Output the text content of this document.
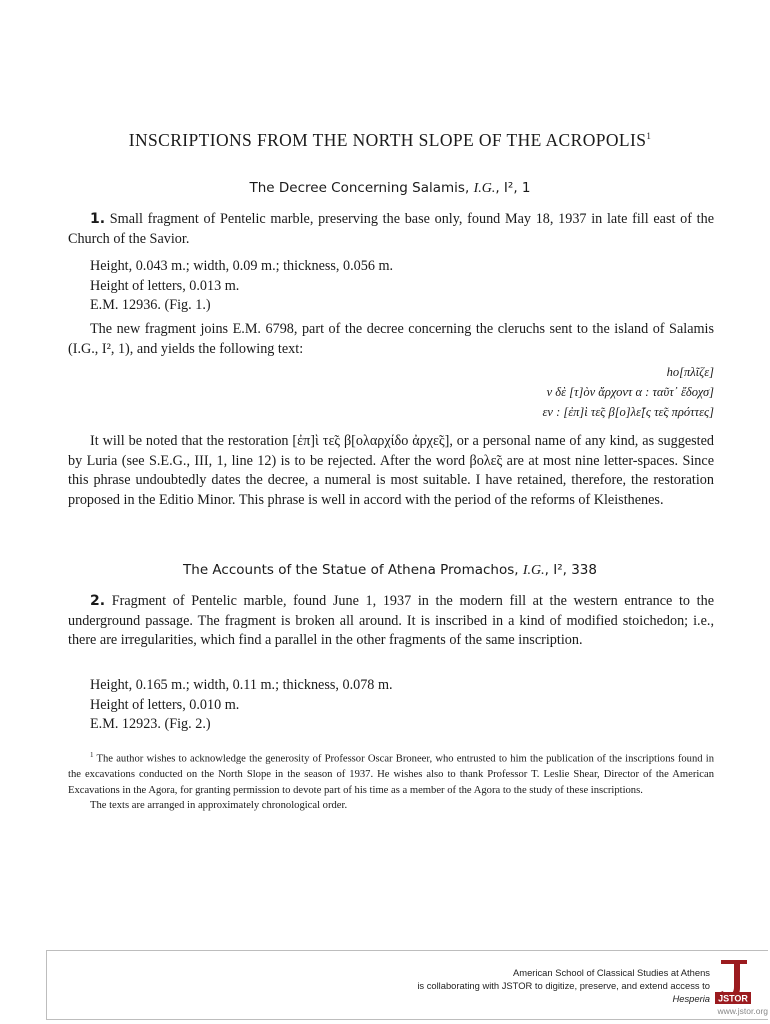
INSCRIPTIONS FROM THE NORTH SLOPE OF THE ACROPOLIS$^1$
The Decree Concerning Salamis, I.G., I², 1

1. Small fragment of Pentelic marble, preserving the base only, found May 18, 1937 in late fill east of the Church of the Savior.

Height, 0.043 m.; width, 0.09 m.; thickness, 0.056 m.
Height of letters, 0.013 m.
E.M. 12936. (Fig. 1.)

The new fragment joins E.M. 6798, part of the decree concerning the cleruchs sent to the island of Salamis (I.G., I², 1), and yields the following text:

ho[πλῖζε]
ν δὲ [τ]ὸν ἄρχοντ α : ταῦτ᾿ ἔδοχσ]
εν : [ἐπ]ὶ τε̃ς β[ο]λε̃[ς τε̃ς πρόττες]

It will be noted that the restoration [ἐπ]ὶ τε̃ς β[ολαρχίδο ἀρχε̃ς], or a personal name of any kind, as suggested by Luria (see S.E.G., III, 1, line 12) is to be rejected. After the word βολε̃ς are at most nine letter-spaces. Since this phrase undoubtedly dates the decree, a numeral is most suitable. I have retained, therefore, the restoration proposed in the Editio Minor. This phrase is well in accord with the period of the reforms of Kleisthenes.

The Accounts of the Statue of Athena Promachos, I.G., I², 338

2. Fragment of Pentelic marble, found June 1, 1937 in the modern fill at the western entrance to the underground passage. The fragment is broken all around. It is inscribed in a kind of modified stoichedon; i.e., there are irregularities, which find a parallel in the other fragments of the same inscription.

Height, 0.165 m.; width, 0.11 m.; thickness, 0.078 m.
Height of letters, 0.010 m.
E.M. 12923. (Fig. 2.)

$^1$ The author wishes to acknowledge the generosity of Professor Oscar Broneer, who entrusted to him the publication of the inscriptions found in the excavations conducted on the North Slope in the season of 1937. He wishes also to thank Professor T. Leslie Shear, Director of the American Excavations in the Agora, for granting permission to devote part of his time as a member of the Agora to the study of these inscriptions.

The texts are arranged in approximately chronological order.

American School of Classical Studies at Athens
is collaborating with JSTOR to digitize, preserve, and extend access to
Hesperia JSTOR
www.jstor.org
